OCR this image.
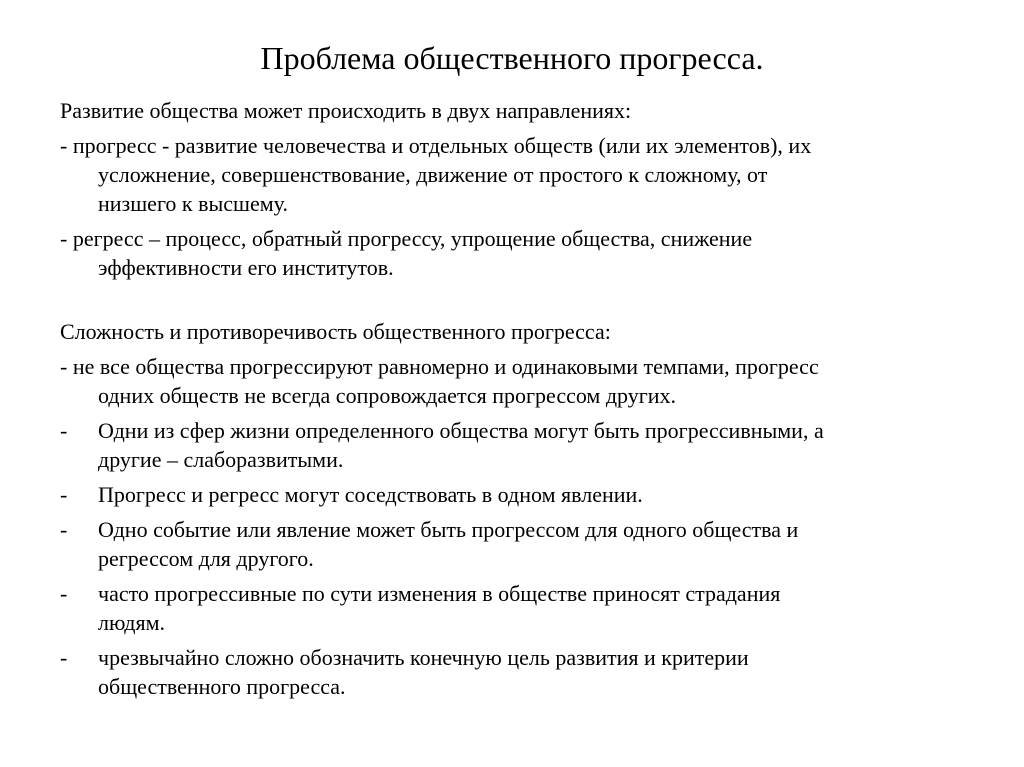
Проблема общественного прогресса.

Развитие общества может происходить в двух направлениях:

- прогресс - развитие человечества и отдельных обществ (или их элементов), их
усложнение, совершенствование, движение от простого к сложному, от
низшего к высшему.
- регресс – процесс, обратный прогрессу, упрощение общества, снижение
эффективности его институтов.

Сложность и противоречивость общественного прогресса:

- не все общества прогрессируют равномерно и одинаковыми темпами, прогресс
одних обществ не всегда сопровождается прогрессом других.
- Одни из сфер жизни определенного общества могут быть прогрессивными, а
другие – слаборазвитыми.
- Прогресс и регресс могут соседствовать в одном явлении.
- Одно событие или явление может быть прогрессом для одного общества и
регрессом для другого.
- часто прогрессивные по сути изменения в обществе приносят страдания
людям.
- чрезвычайно сложно обозначить конечную цель развития и критерии
общественного прогресса.
